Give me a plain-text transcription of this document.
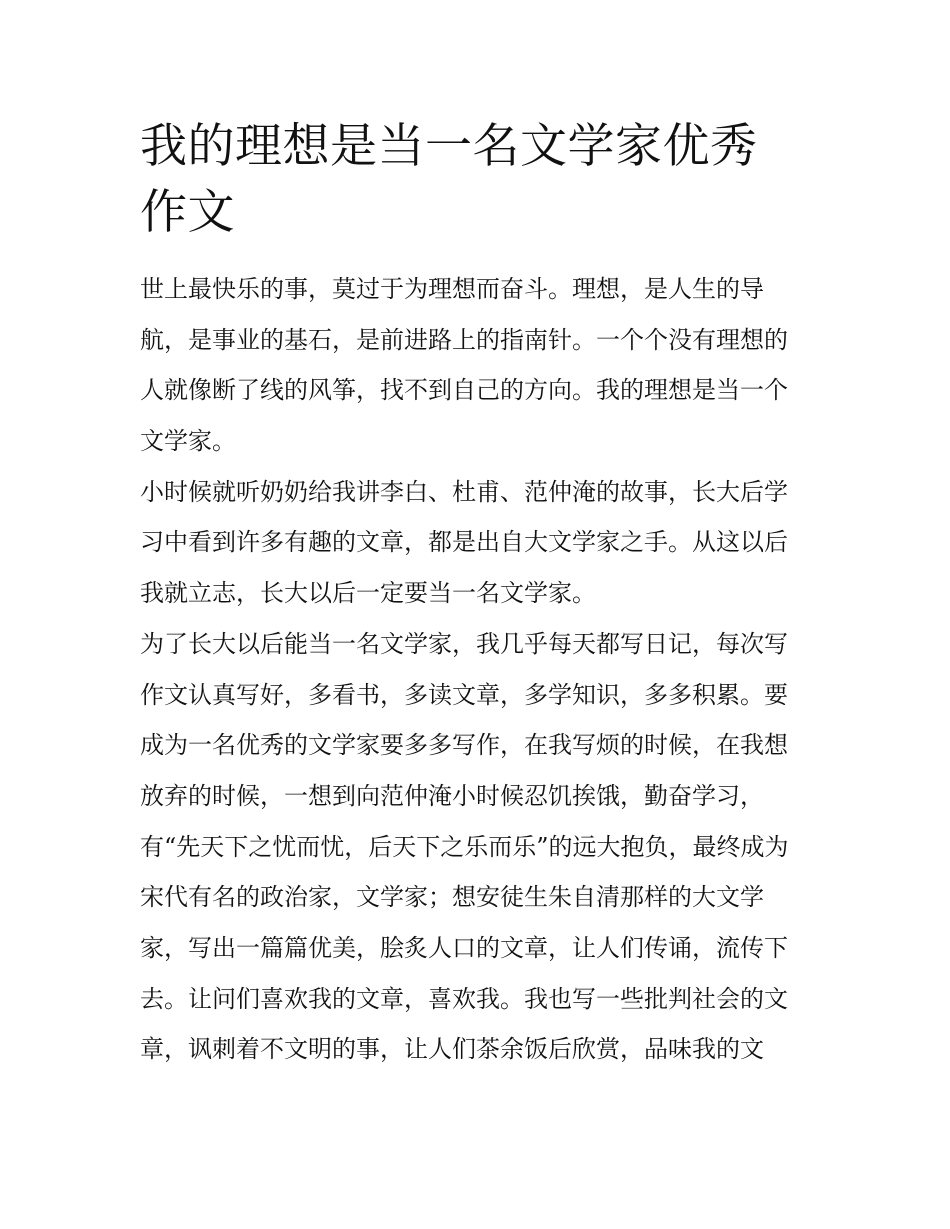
我的理想是当一名文学家优秀作文
世上最快乐的事，莫过于为理想而奋斗。理想，是人生的导
航，是事业的基石，是前进路上的指南针。一个个没有理想的
人就像断了线的风筝，找不到自己的方向。我的理想是当一个
文学家。
小时候就听奶奶给我讲李白、杜甫、范仲淹的故事，长大后学
习中看到许多有趣的文章，都是出自大文学家之手。从这以后
我就立志，长大以后一定要当一名文学家。
为了长大以后能当一名文学家，我几乎每天都写日记，每次写
作文认真写好，多看书，多读文章，多学知识，多多积累。要
成为一名优秀的文学家要多多写作，在我写烦的时候，在我想
放弃的时候，一想到向范仲淹小时候忍饥挨饿，勤奋学习，
有“先天下之忧而忧，后天下之乐而乐”的远大抱负，最终成为
宋代有名的政治家，文学家；想安徒生朱自清那样的大文学
家，写出一篇篇优美，脍炙人口的文章，让人们传诵，流传下
去。让问们喜欢我的文章，喜欢我。我也写一些批判社会的文
章，讽刺着不文明的事，让人们茶余饭后欣赏，品味我的文
